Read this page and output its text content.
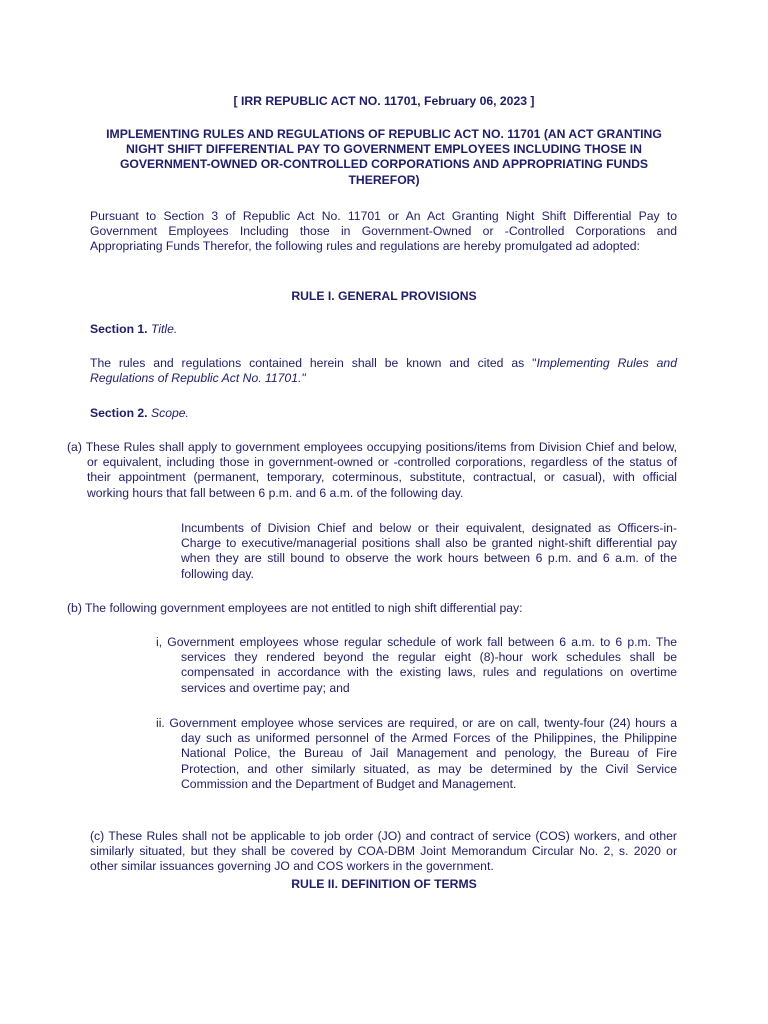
[ IRR REPUBLIC ACT NO. 11701, February 06, 2023 ]

IMPLEMENTING RULES AND REGULATIONS OF REPUBLIC ACT NO. 11701 (AN ACT GRANTING NIGHT SHIFT DIFFERENTIAL PAY TO GOVERNMENT EMPLOYEES INCLUDING THOSE IN GOVERNMENT-OWNED OR-CONTROLLED CORPORATIONS AND APPROPRIATING FUNDS THEREFOR)

Pursuant to Section 3 of Republic Act No. 11701 or An Act Granting Night Shift Differential Pay to Government Employees Including those in Government-Owned or -Controlled Corporations and Appropriating Funds Therefor, the following rules and regulations are hereby promulgated ad adopted:

RULE I. GENERAL PROVISIONS

Section 1. Title.

The rules and regulations contained herein shall be known and cited as "Implementing Rules and Regulations of Republic Act No. 11701."

Section 2. Scope.

(a) These Rules shall apply to government employees occupying positions/items from Division Chief and below, or equivalent, including those in government-owned or -controlled corporations, regardless of the status of their appointment (permanent, temporary, coterminous, substitute, contractual, or casual), with official working hours that fall between 6 p.m. and 6 a.m. of the following day.

Incumbents of Division Chief and below or their equivalent, designated as Officers-in-Charge to executive/managerial positions shall also be granted night-shift differential pay when they are still bound to observe the work hours between 6 p.m. and 6 a.m. of the following day.

(b) The following government employees are not entitled to nigh shift differential pay:

i, Government employees whose regular schedule of work fall between 6 a.m. to 6 p.m. The services they rendered beyond the regular eight (8)-hour work schedules shall be compensated in accordance with the existing laws, rules and regulations on overtime services and overtime pay; and

ii. Government employee whose services are required, or are on call, twenty-four (24) hours a day such as uniformed personnel of the Armed Forces of the Philippines, the Philippine National Police, the Bureau of Jail Management and penology, the Bureau of Fire Protection, and other similarly situated, as may be determined by the Civil Service Commission and the Department of Budget and Management.

(c) These Rules shall not be applicable to job order (JO) and contract of service (COS) workers, and other similarly situated, but they shall be covered by COA-DBM Joint Memorandum Circular No. 2, s. 2020 or other similar issuances governing JO and COS workers in the government.

RULE II. DEFINITION OF TERMS
